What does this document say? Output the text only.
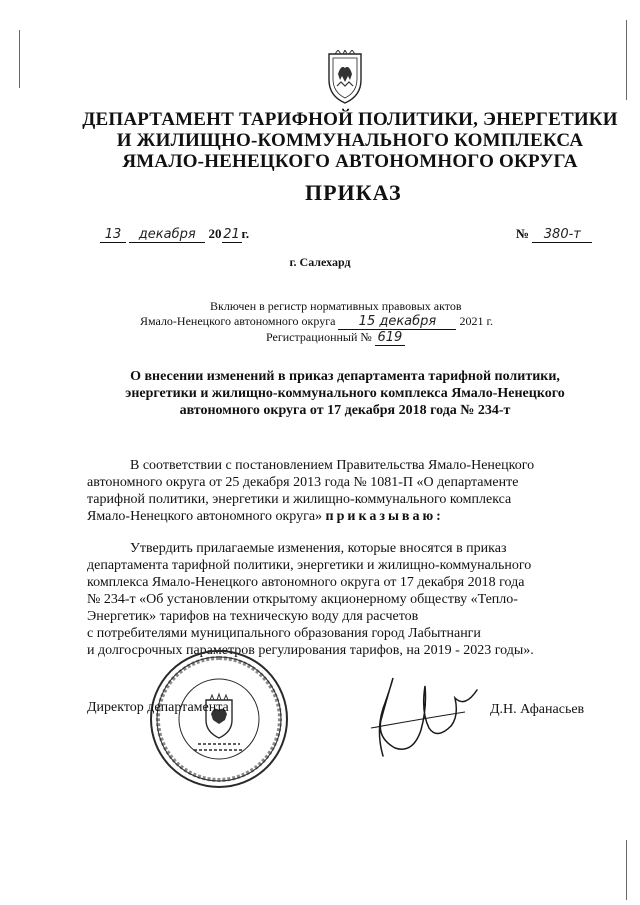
ДЕПАРТАМЕНТ ТАРИФНОЙ ПОЛИТИКИ, ЭНЕРГЕТИКИ
И ЖИЛИЩНО-КОММУНАЛЬНОГО КОМПЛЕКСА
ЯМАЛО-НЕНЕЦКОГО АВТОНОМНОГО ОКРУГА
ПРИКАЗ
13 декабря 20 21 г.	№ 380-т
г. Салехард
Включен в регистр нормативных правовых актов
Ямало-Ненецкого автономного округа 15 декабря 2021 г.
Регистрационный № 619
О внесении изменений в приказ департамента тарифной политики,
энергетики и жилищно-коммунального комплекса Ямало-Ненецкого
автономного округа от 17 декабря 2018 года № 234-т
В соответствии с постановлением Правительства Ямало-Ненецкого
автономного округа от 25 декабря 2013 года № 1081-П «О департаменте
тарифной политики, энергетики и жилищно-коммунального комплекса
Ямало-Ненецкого автономного округа» приказываю:
Утвердить прилагаемые изменения, которые вносятся в приказ
департамента тарифной политики, энергетики и жилищно-коммунального
комплекса Ямало-Ненецкого автономного округа от 17 декабря 2018 года
№ 234-т «Об установлении открытому акционерному обществу «Тепло-
Энергетик» тарифов на техническую воду для расчетов
с потребителями муниципального образования город Лабытнанги
и долгосрочных параметров регулирования тарифов, на 2019 - 2023 годы».
Директор департамента	Д.Н. Афанасьев
